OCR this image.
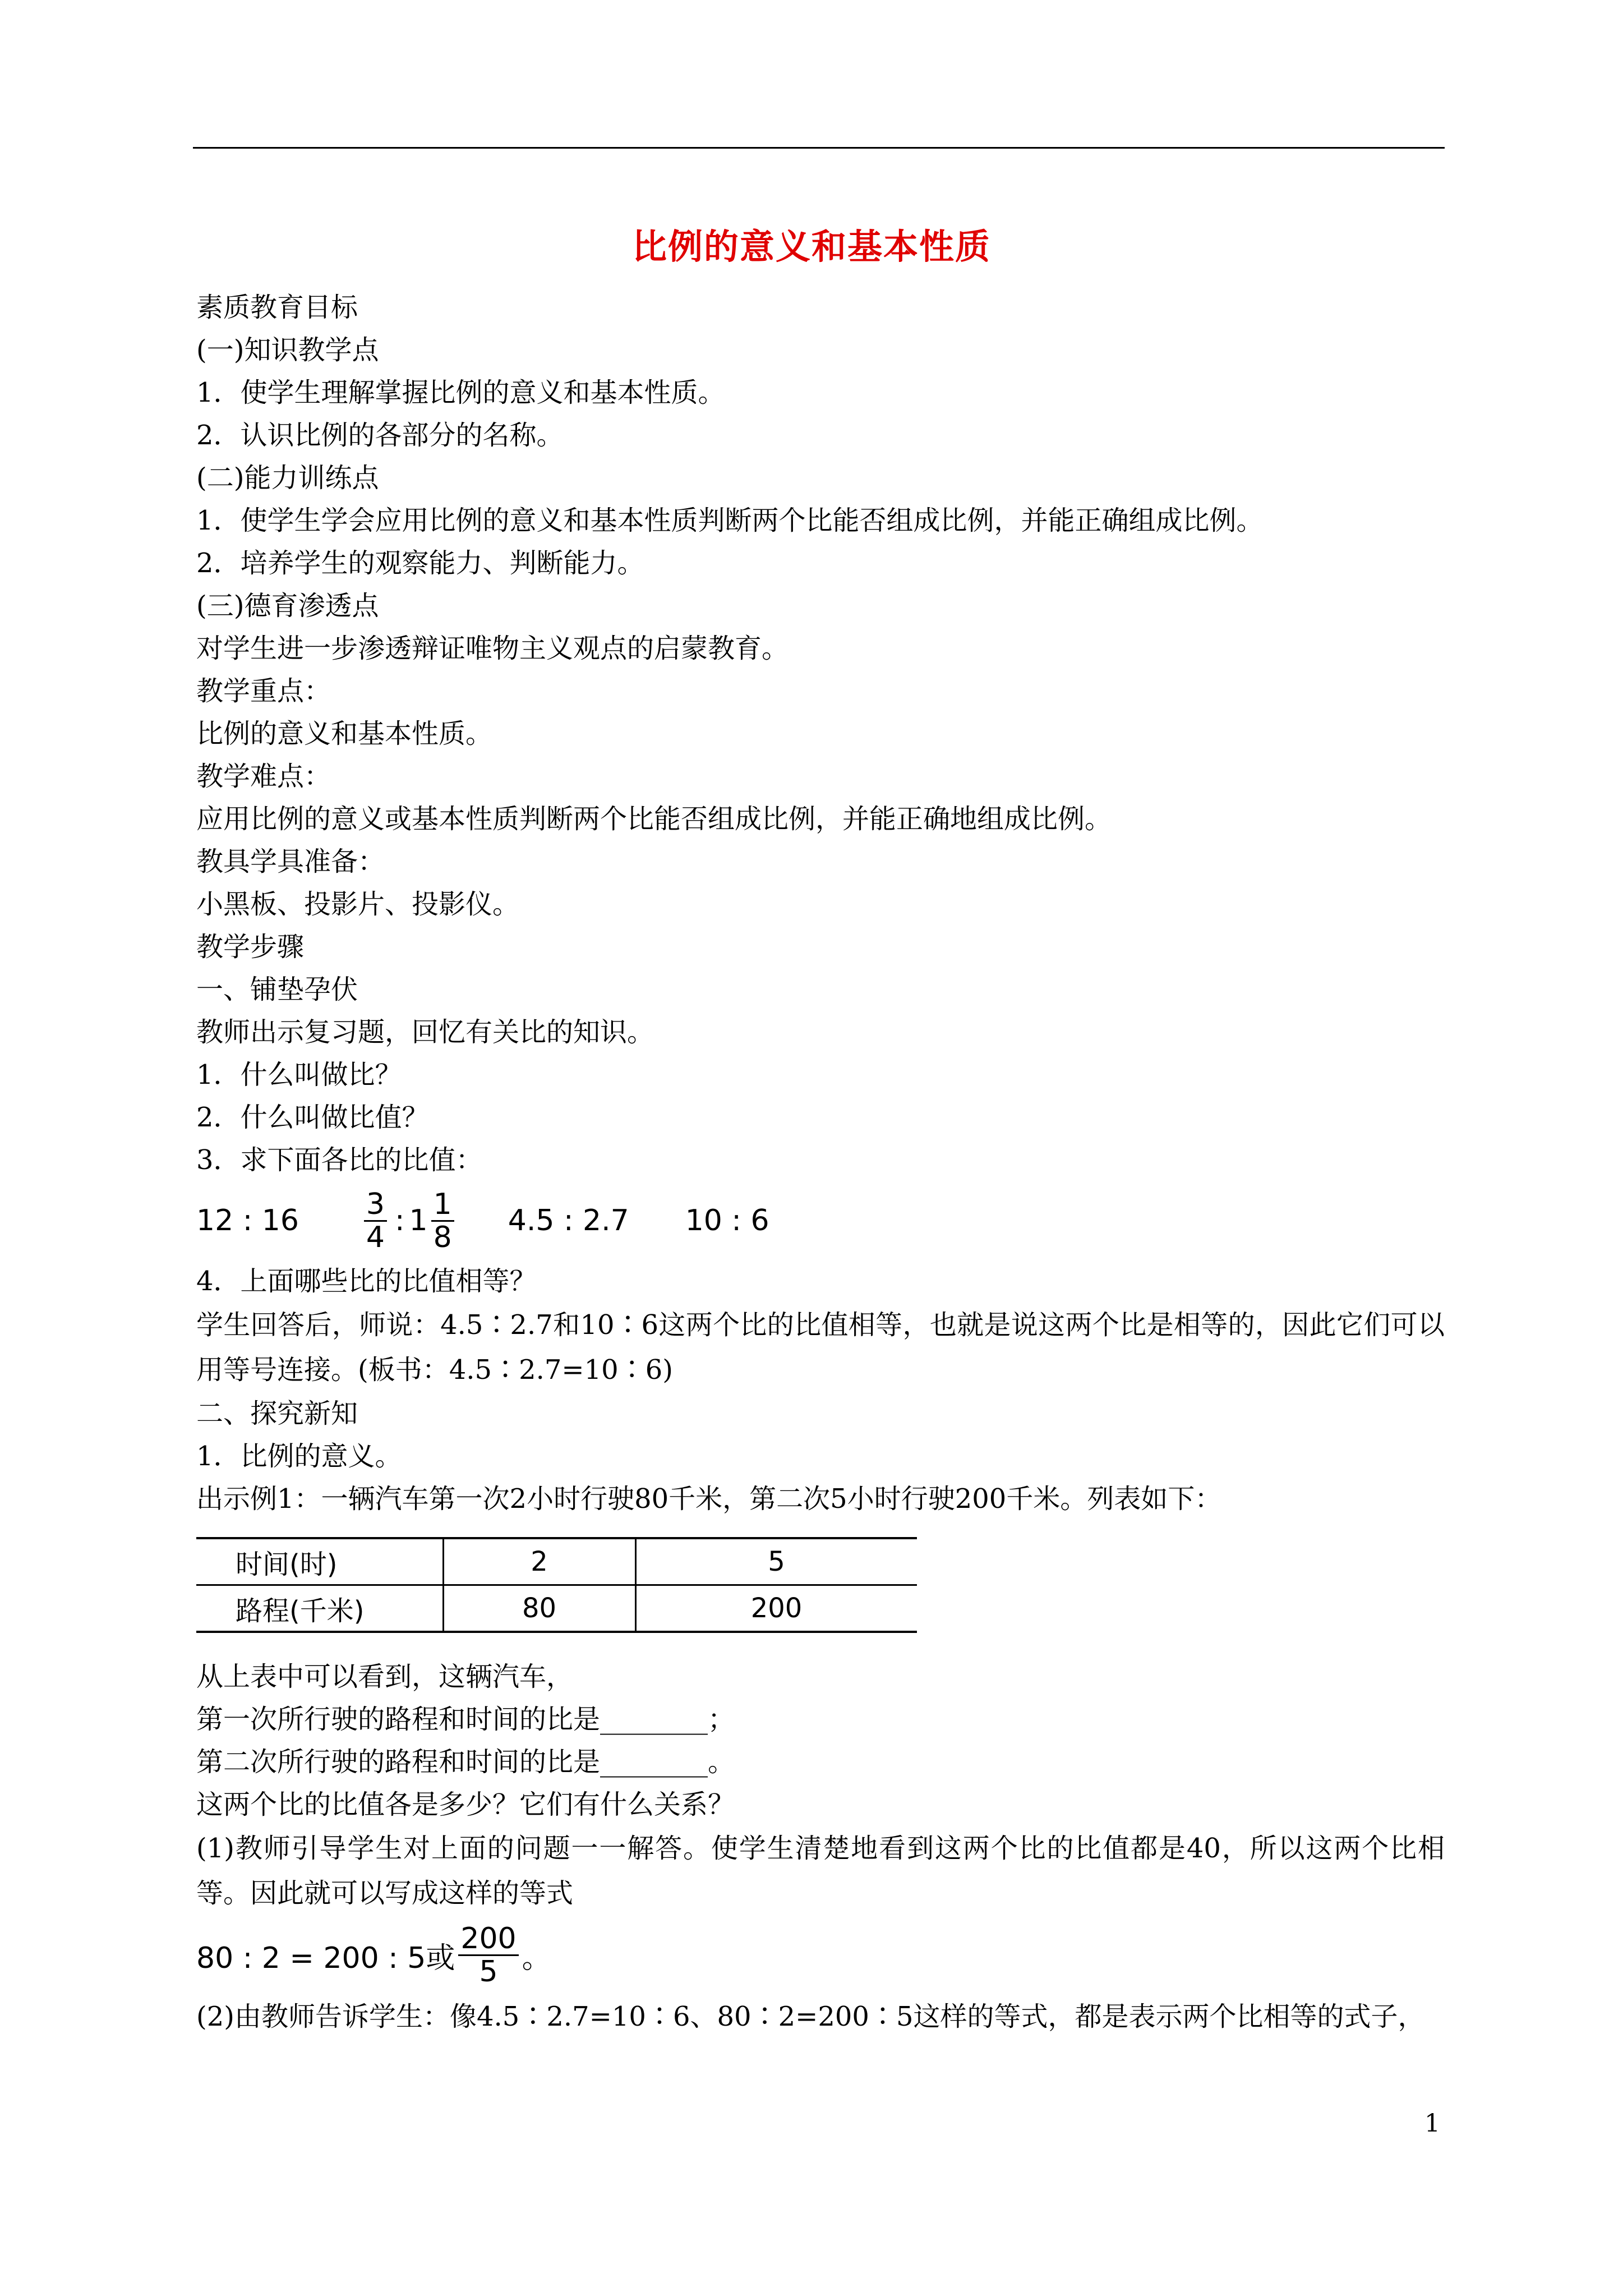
比例的意义和基本性质
素质教育目标
(一)知识教学点
1．使学生理解掌握比例的意义和基本性质。
2．认识比例的各部分的名称。
(二)能力训练点
1．使学生学会应用比例的意义和基本性质判断两个比能否组成比例，并能正确组成比例。
2．培养学生的观察能力、判断能力。
(三)德育渗透点
对学生进一步渗透辩证唯物主义观点的启蒙教育。
教学重点：
比例的意义和基本性质。
教学难点：
应用比例的意义或基本性质判断两个比能否组成比例，并能正确地组成比例。
教具学具准备：
小黑板、投影片、投影仪。
教学步骤
一、铺垫孕伏
教师出示复习题，回忆有关比的知识。
1．什么叫做比？
2．什么叫做比值？
3．求下面各比的比值：
12 : $16 \frac{3}{4}$ : $1 \frac{1}{8} 4.5$ : 2.7 10 : 6
4．上面哪些比的比值相等？
学生回答后，师说：4.5∶2.7和10∶6这两个比的比值相等，也就是说这两个比是相等的，因此它们可以用等号连接。(板书：4.5∶2.7=10∶6)
二、探究新知
1．比例的意义。
出示例1：一辆汽车第一次2小时行驶80千米，第二次5小时行驶200千米。列表如下：
时间(时)	2	5
路程(千米)	80	200
从上表中可以看到，这辆汽车，
第一次所行驶的路程和时间的比是________；
第二次所行驶的路程和时间的比是________。
这两个比的比值各是多少？它们有什么关系？
(1)教师引导学生对上面的问题一一解答。使学生清楚地看到这两个比的比值都是40，所以这两个比相等。因此就可以写成这样的等式
80 : 2 = 200 : 5或 $\frac{200}{5}$ 。
(2)由教师告诉学生：像4.5∶2.7=10∶6、80∶2=200∶5这样的等式，都是表示两个比相等的式子，
1
